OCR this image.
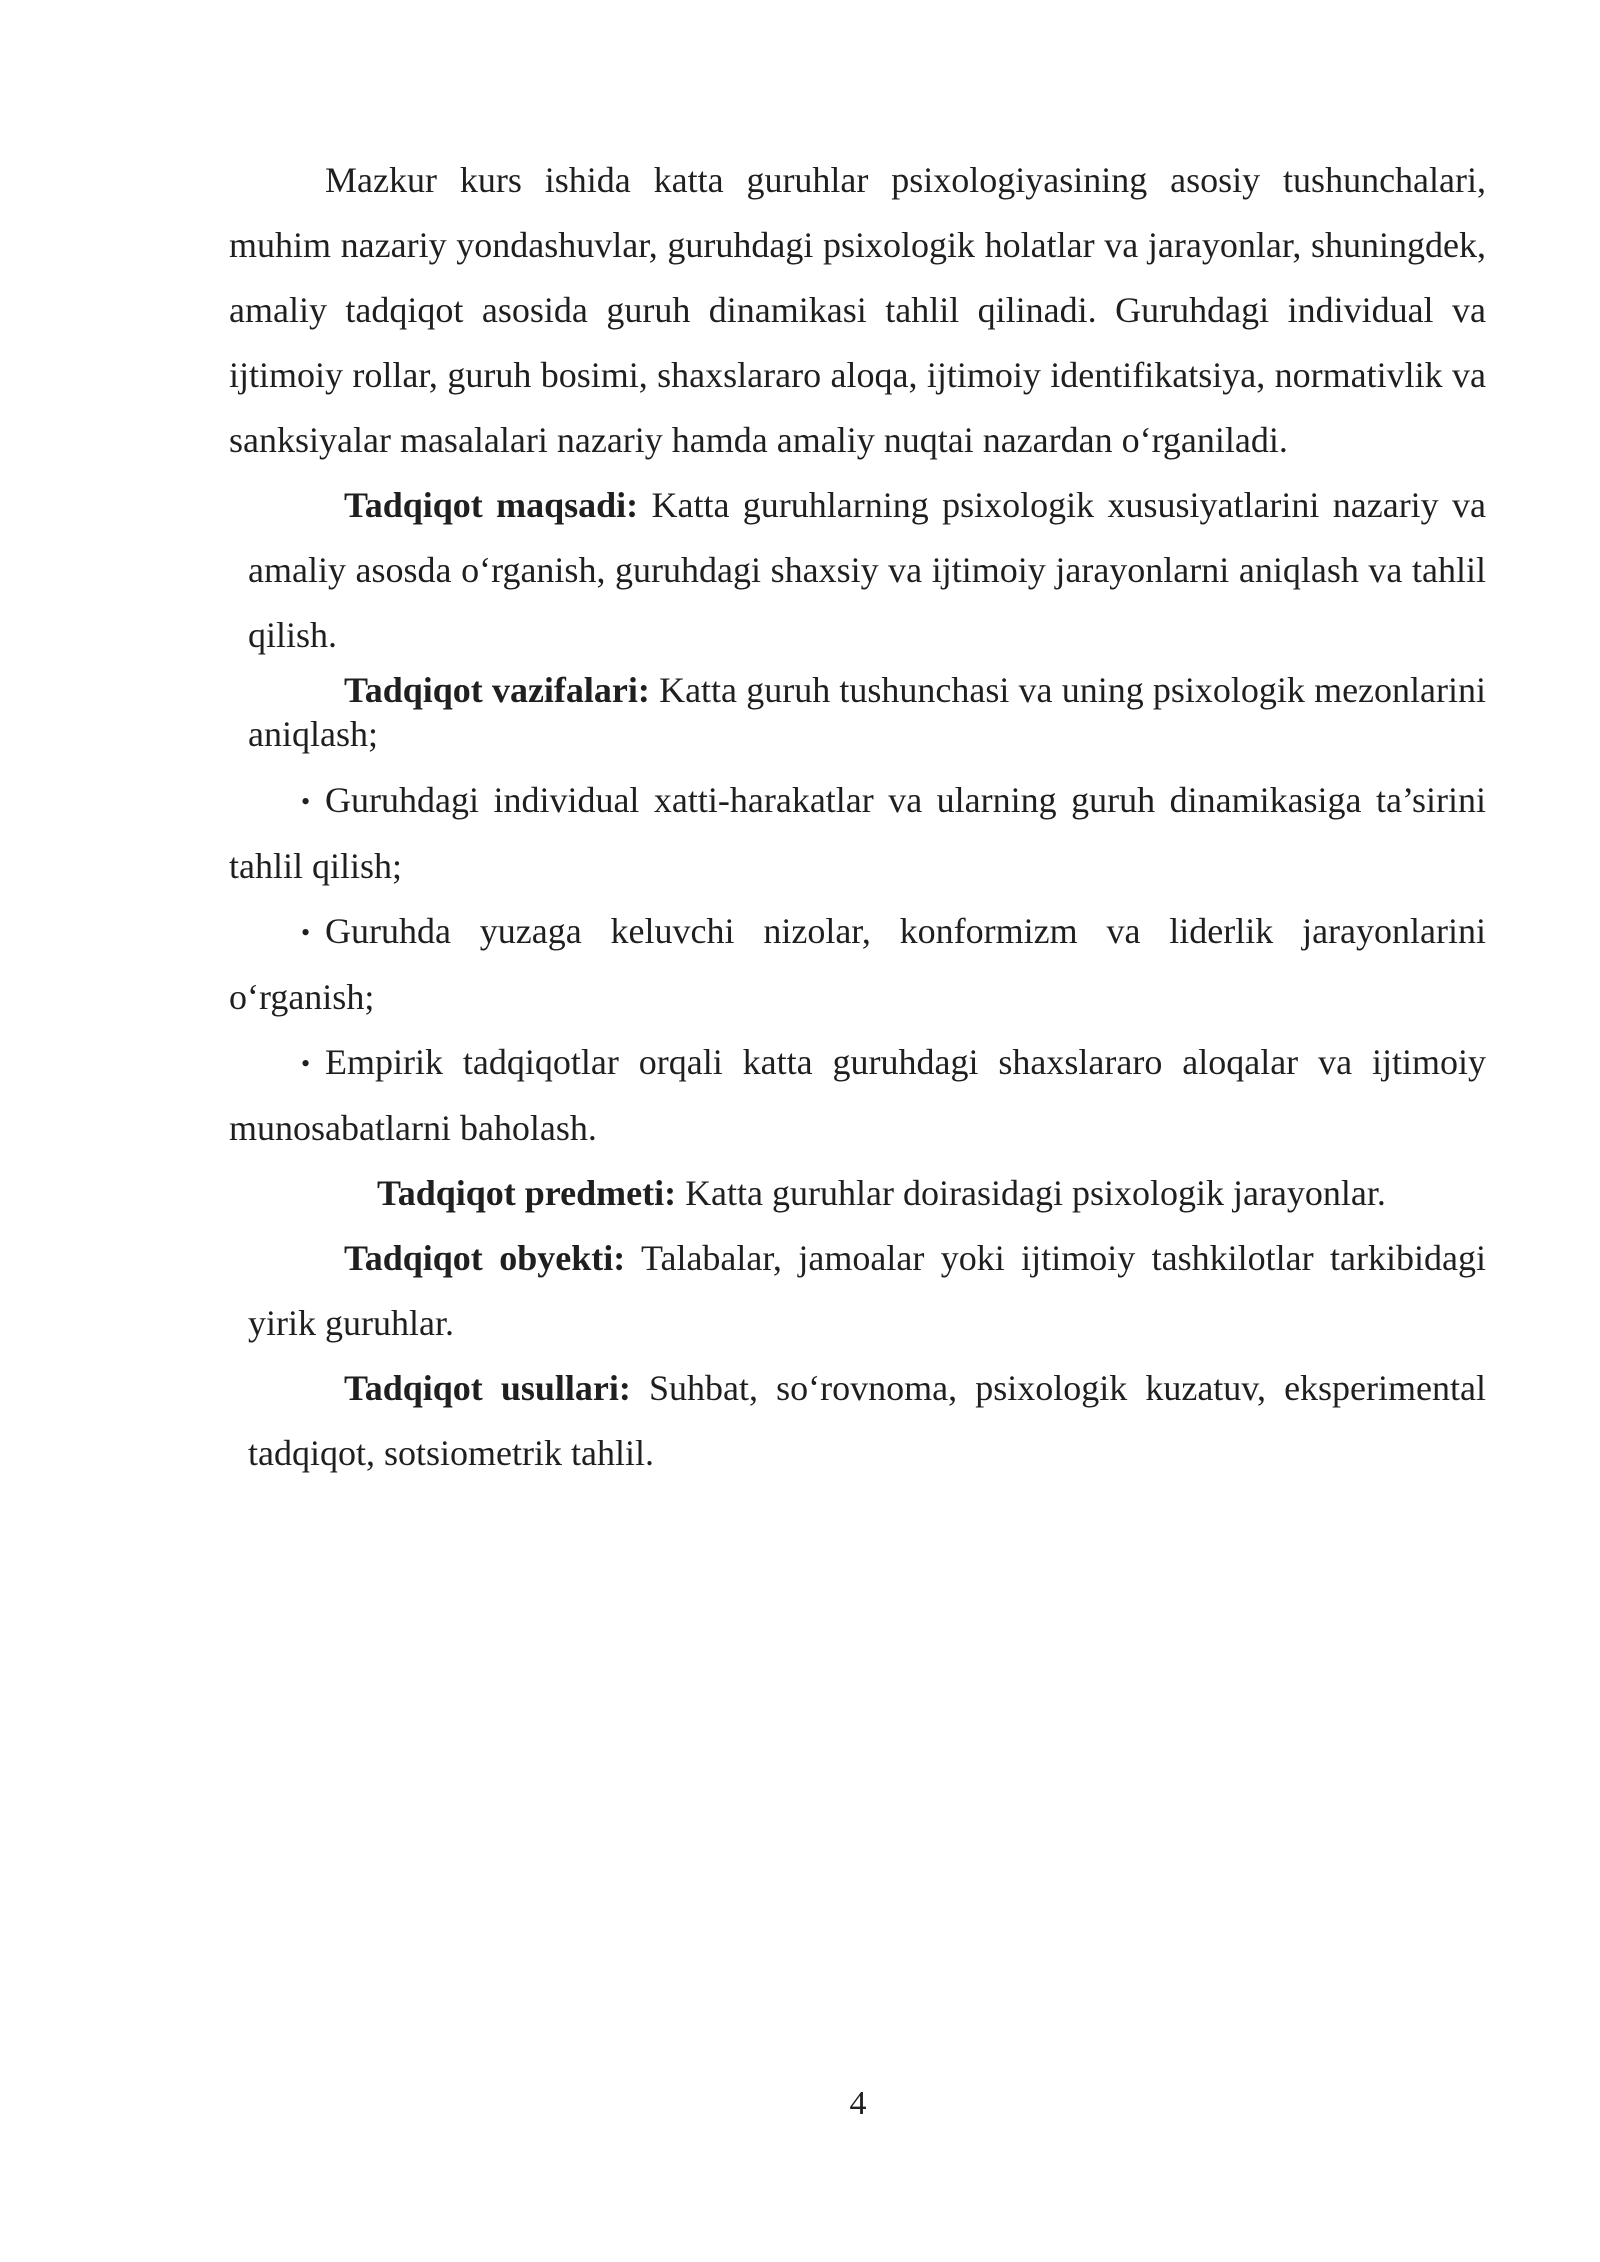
Mazkur kurs ishida katta guruhlar psixologiyasining asosiy tushunchalari, muhim nazariy yondashuvlar, guruhdagi psixologik holatlar va jarayonlar, shuningdek, amaliy tadqiqot asosida guruh dinamikasi tahlil qilinadi. Guruhdagi individual va ijtimoiy rollar, guruh bosimi, shaxslararo aloqa, ijtimoiy identifikatsiya, normativlik va sanksiyalar masalalari nazariy hamda amaliy nuqtai nazardan o‘rganiladi.

Tadqiqot maqsadi: Katta guruhlarning psixologik xususiyatlarini nazariy va amaliy asosda o‘rganish, guruhdagi shaxsiy va ijtimoiy jarayonlarni aniqlash va tahlil qilish.

Tadqiqot vazifalari: Katta guruh tushunchasi va uning psixologik mezonlarini aniqlash;

• Guruhdagi individual xatti-harakatlar va ularning guruh dinamikasiga ta’sirini tahlil qilish;

• Guruhda yuzaga keluvchi nizolar, konformizm va liderlik jarayonlarini o‘rganish;

• Empirik tadqiqotlar orqali katta guruhdagi shaxslararo aloqalar va ijtimoiy munosabatlarni baholash.

Tadqiqot predmeti: Katta guruhlar doirasidagi psixologik jarayonlar.

Tadqiqot obyekti: Talabalar, jamoalar yoki ijtimoiy tashkilotlar tarkibidagi yirik guruhlar.

Tadqiqot usullari: Suhbat, so‘rovnoma, psixologik kuzatuv, eksperimental tadqiqot, sotsiometrik tahlil.

4
